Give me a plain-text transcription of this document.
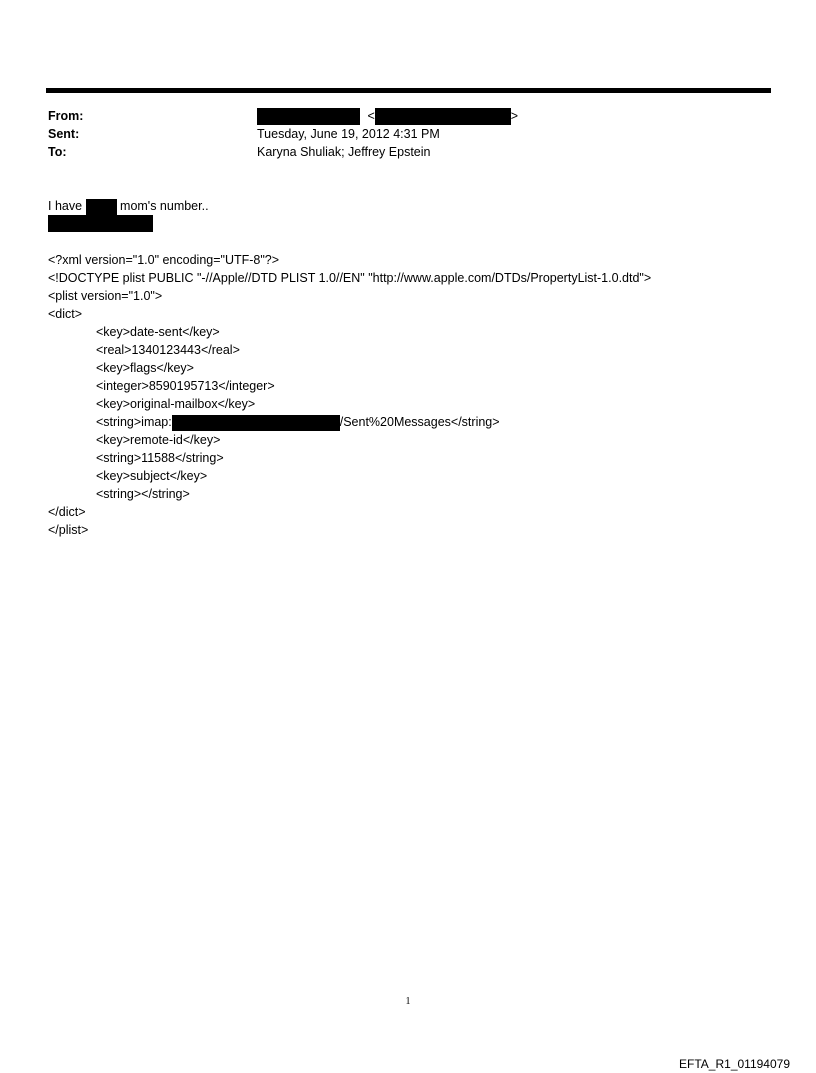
From:	<	>
Sent:	Tuesday, June 19, 2012 4:31 PM
To:	Karyna Shuliak; Jeffrey Epstein
I have	mom's number..
<?xml version="1.0" encoding="UTF-8"?>
<!DOCTYPE plist PUBLIC "-//Apple//DTD PLIST 1.0//EN" "http://www.apple.com/DTDs/PropertyList-1.0.dtd">
<plist version="1.0">
<dict>
<key>date-sent</key>
<real>1340123443</real>
<key>flags</key>
<integer>8590195713</integer>
<key>original-mailbox</key>
<string>imap:	/Sent%20Messages</string>
<key>remote-id</key>
<string>11588</string>
<key>subject</key>
<string></string>
</dict>
</plist>
1
EFTA_R1_01194079
